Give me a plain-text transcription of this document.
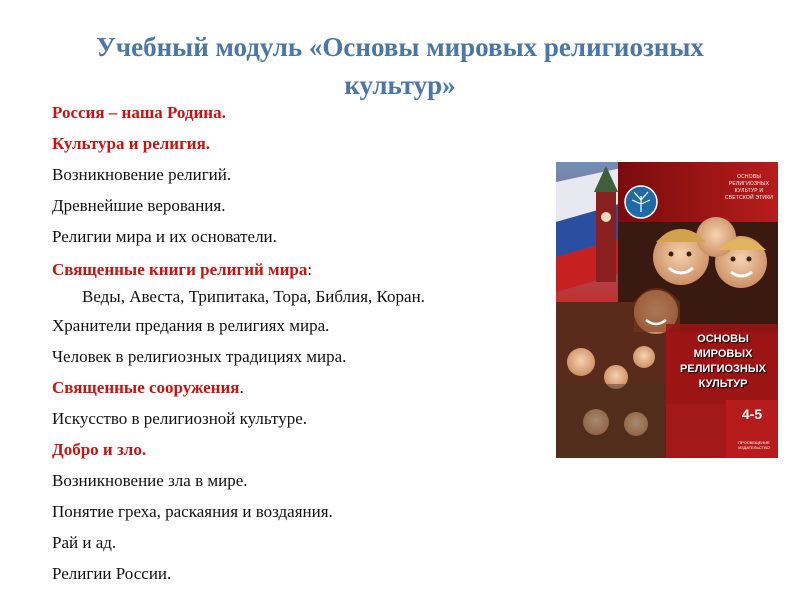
Учебный модуль «Основы мировых религиозных культур»
Россия – наша Родина.
Культура и религия.
Возникновение религий.
Древнейшие верования.
Религии мира и их основатели.
Священные книги религий мира:
Веды, Авеста, Трипитака, Тора, Библия, Коран.
Хранители предания в религиях мира.
Человек в религиозных традициях мира.
Священные сооружения.
Искусство в религиозной культуре.
Добро и зло.
Возникновение зла в мире.
Понятие греха, раскаяния и воздаяния.
Рай и ад.
Религии России.
ОСНОВЫ РЕЛИГИОЗНЫХ КУЛЬТУР И СВЕТСКОЙ ЭТИКИ
ОСНОВЫ
МИРОВЫХ
РЕЛИГИОЗНЫХ
КУЛЬТУР
4-5
ПРОСВЕЩЕНИЕ ИЗДАТЕЛЬСТВО
